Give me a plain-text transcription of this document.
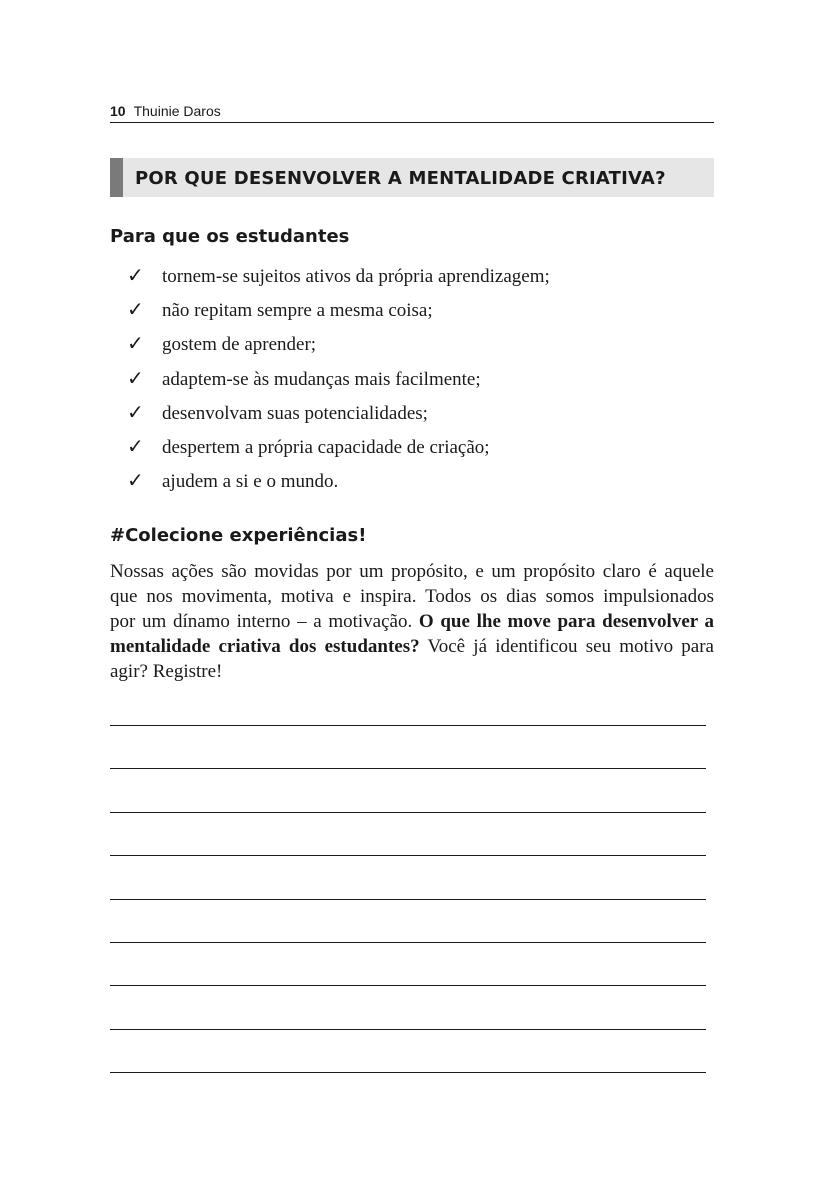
10 Thuinie Daros
POR QUE DESENVOLVER A MENTALIDADE CRIATIVA?
Para que os estudantes
✓ tornem-se sujeitos ativos da própria aprendizagem;
✓ não repitam sempre a mesma coisa;
✓ gostem de aprender;
✓ adaptem-se às mudanças mais facilmente;
✓ desenvolvam suas potencialidades;
✓ despertem a própria capacidade de criação;
✓ ajudem a si e o mundo.
#Colecione experiências!
Nossas ações são movidas por um propósito, e um propósito claro é aquele
que nos movimenta, motiva e inspira. Todos os dias somos impulsionados
por um dínamo interno – a motivação. O que lhe move para desenvolver a
mentalidade criativa dos estudantes? Você já identificou seu motivo para
agir? Registre!
